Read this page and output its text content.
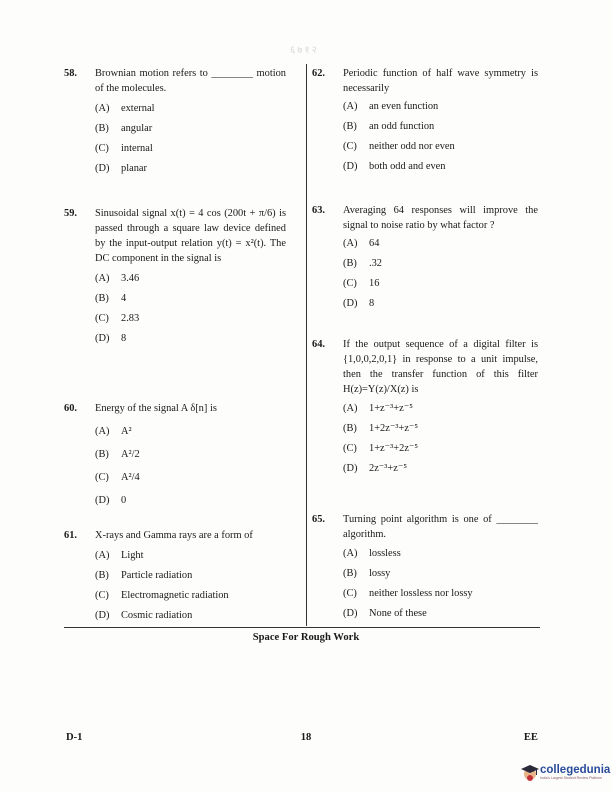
६७१२
58. Brownian motion refers to ________ motion of the molecules.
(A) external
(B) angular
(C) internal
(D) planar
59. Sinusoidal signal x(t) = 4 cos (200t + π/6) is passed through a square law device defined by the input-output relation y(t) = x²(t). The DC component in the signal is
(A) 3.46
(B) 4
(C) 2.83
(D) 8
60. Energy of the signal A δ[n] is
(A) A²
(B) A²/2
(C) A²/4
(D) 0
61. X-rays and Gamma rays are a form of
(A) Light
(B) Particle radiation
(C) Electromagnetic radiation
(D) Cosmic radiation
62. Periodic function of half wave symmetry is necessarily
(A) an even function
(B) an odd function
(C) neither odd nor even
(D) both odd and even
63. Averaging 64 responses will improve the signal to noise ratio by what factor ?
(A) 64
(B) .32
(C) 16
(D) 8
64. If the output sequence of a digital filter is {1,0,0,2,0,1} in response to a unit impulse, then the transfer function of this filter H(z)=Y(z)/X(z) is
(A) 1+z⁻³+z⁻⁵
(B) 1+2z⁻³+z⁻⁵
(C) 1+z⁻³+2z⁻⁵
(D) 2z⁻³+z⁻⁵
65. Turning point algorithm is one of ________ algorithm.
(A) lossless
(B) lossy
(C) neither lossless nor lossy
(D) None of these
Space For Rough Work
D-1	18	EE
collegedunia
India's Largest Student Review Platform
